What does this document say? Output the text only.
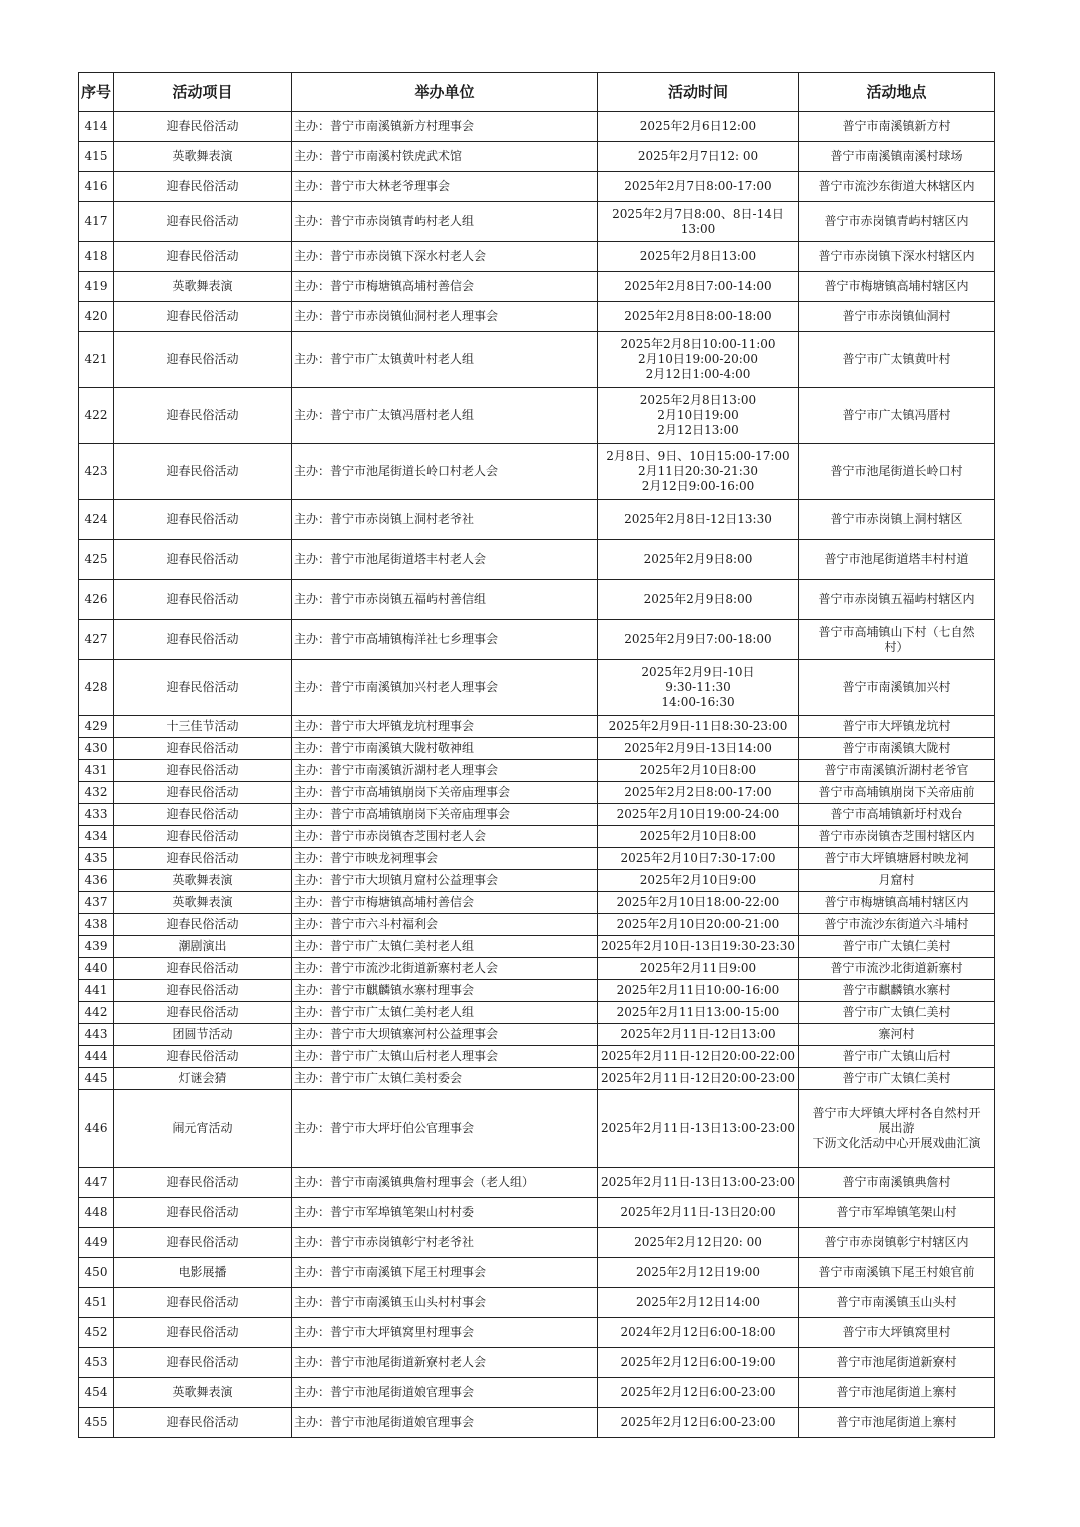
序号	活动项目	举办单位	活动时间	活动地点
414	迎春民俗活动	主办：普宁市南溪镇新方村理事会	2025年2月6日12:00	普宁市南溪镇新方村
415	英歌舞表演	主办：普宁市南溪村铁虎武术馆	2025年2月7日12: 00	普宁市南溪镇南溪村球场
416	迎春民俗活动	主办：普宁市大林老爷理事会	2025年2月7日8:00-17:00	普宁市流沙东街道大林辖区内
417	迎春民俗活动	主办：普宁市赤岗镇青屿村老人组	2025年2月7日8:00、8日-14日
13:00	普宁市赤岗镇青屿村辖区内
418	迎春民俗活动	主办：普宁市赤岗镇下深水村老人会	2025年2月8日13:00	普宁市赤岗镇下深水村辖区内
419	英歌舞表演	主办：普宁市梅塘镇高埔村善信会	2025年2月8日7:00-14:00	普宁市梅塘镇高埔村辖区内
420	迎春民俗活动	主办：普宁市赤岗镇仙洞村老人理事会	2025年2月8日8:00-18:00	普宁市赤岗镇仙洞村
421	迎春民俗活动	主办：普宁市广太镇黄叶村老人组	2025年2月8日10:00-11:00
2月10日19:00-20:00
2月12日1:00-4:00	普宁市广太镇黄叶村
422	迎春民俗活动	主办：普宁市广太镇冯厝村老人组	2025年2月8日13:00
2月10日19:00
2月12日13:00	普宁市广太镇冯厝村
423	迎春民俗活动	主办：普宁市池尾街道长岭口村老人会	2月8日、9日、10日15:00-17:00
2月11日20:30-21:30
2月12日9:00-16:00	普宁市池尾街道长岭口村
424	迎春民俗活动	主办：普宁市赤岗镇上洞村老爷社	2025年2月8日-12日13:30	普宁市赤岗镇上洞村辖区
425	迎春民俗活动	主办：普宁市池尾街道塔丰村老人会	2025年2月9日8:00	普宁市池尾街道塔丰村村道
426	迎春民俗活动	主办：普宁市赤岗镇五福屿村善信组	2025年2月9日8:00	普宁市赤岗镇五福屿村辖区内
427	迎春民俗活动	主办：普宁市高埔镇梅洋社七乡理事会	2025年2月9日7:00-18:00	普宁市高埔镇山下村（七自然
村）
428	迎春民俗活动	主办：普宁市南溪镇加兴村老人理事会	2025年2月9日-10日
9:30-11:30
14:00-16:30	普宁市南溪镇加兴村
429	十三佳节活动	主办：普宁市大坪镇龙坑村理事会	2025年2月9日-11日8:30-23:00	普宁市大坪镇龙坑村
430	迎春民俗活动	主办：普宁市南溪镇大陇村敬神组	2025年2月9日-13日14:00	普宁市南溪镇大陇村
431	迎春民俗活动	主办：普宁市南溪镇沂湖村老人理事会	2025年2月10日8:00	普宁市南溪镇沂湖村老爷官
432	迎春民俗活动	主办：普宁市高埔镇崩岗下关帝庙理事会	2025年2月2日8:00-17:00	普宁市高埔镇崩岗下关帝庙前
433	迎春民俗活动	主办：普宁市高埔镇崩岗下关帝庙理事会	2025年2月10日19:00-24:00	普宁市高埔镇新圩村戏台
434	迎春民俗活动	主办：普宁市赤岗镇杏芝围村老人会	2025年2月10日8:00	普宁市赤岗镇杏芝围村辖区内
435	迎春民俗活动	主办：普宁市映龙祠理事会	2025年2月10日7:30-17:00	普宁市大坪镇塘唇村映龙祠
436	英歌舞表演	主办：普宁市大坝镇月窟村公益理事会	2025年2月10日9:00	月窟村
437	英歌舞表演	主办：普宁市梅塘镇高埔村善信会	2025年2月10日18:00-22:00	普宁市梅塘镇高埔村辖区内
438	迎春民俗活动	主办：普宁市六斗村福利会	2025年2月10日20:00-21:00	普宁市流沙东街道六斗埔村
439	潮剧演出	主办：普宁市广太镇仁美村老人组	2025年2月10日-13日19:30-23:30	普宁市广太镇仁美村
440	迎春民俗活动	主办：普宁市流沙北街道新寨村老人会	2025年2月11日9:00	普宁市流沙北街道新寨村
441	迎春民俗活动	主办：普宁市麒麟镇水寨村理事会	2025年2月11日10:00-16:00	普宁市麒麟镇水寨村
442	迎春民俗活动	主办：普宁市广太镇仁美村老人组	2025年2月11日13:00-15:00	普宁市广太镇仁美村
443	团圆节活动	主办：普宁市大坝镇寨河村公益理事会	2025年2月11日-12日13:00	寨河村
444	迎春民俗活动	主办：普宁市广太镇山后村老人理事会	2025年2月11日-12日20:00-22:00	普宁市广太镇山后村
445	灯谜会猜	主办：普宁市广太镇仁美村委会	2025年2月11日-12日20:00-23:00	普宁市广太镇仁美村
446	闹元宵活动	主办：普宁市大坪圩伯公官理事会	2025年2月11日-13日13:00-23:00	普宁市大坪镇大坪村各自然村开
展出游
下沥文化活动中心开展戏曲汇演
447	迎春民俗活动	主办：普宁市南溪镇典詹村理事会（老人组）	2025年2月11日-13日13:00-23:00	普宁市南溪镇典詹村
448	迎春民俗活动	主办：普宁市军埠镇笔架山村村委	2025年2月11日-13日20:00	普宁市军埠镇笔架山村
449	迎春民俗活动	主办：普宁市赤岗镇彰宁村老爷社	2025年2月12日20: 00	普宁市赤岗镇彰宁村辖区内
450	电影展播	主办：普宁市南溪镇下尾王村理事会	2025年2月12日19:00	普宁市南溪镇下尾王村娘官前
451	迎春民俗活动	主办：普宁市南溪镇玉山头村村事会	2025年2月12日14:00	普宁市南溪镇玉山头村
452	迎春民俗活动	主办：普宁市大坪镇窝里村理事会	2024年2月12日6:00-18:00	普宁市大坪镇窝里村
453	迎春民俗活动	主办：普宁市池尾街道新寮村老人会	2025年2月12日6:00-19:00	普宁市池尾街道新寮村
454	英歌舞表演	主办：普宁市池尾街道娘官理事会	2025年2月12日6:00-23:00	普宁市池尾街道上寨村
455	迎春民俗活动	主办：普宁市池尾街道娘官理事会	2025年2月12日6:00-23:00	普宁市池尾街道上寨村
